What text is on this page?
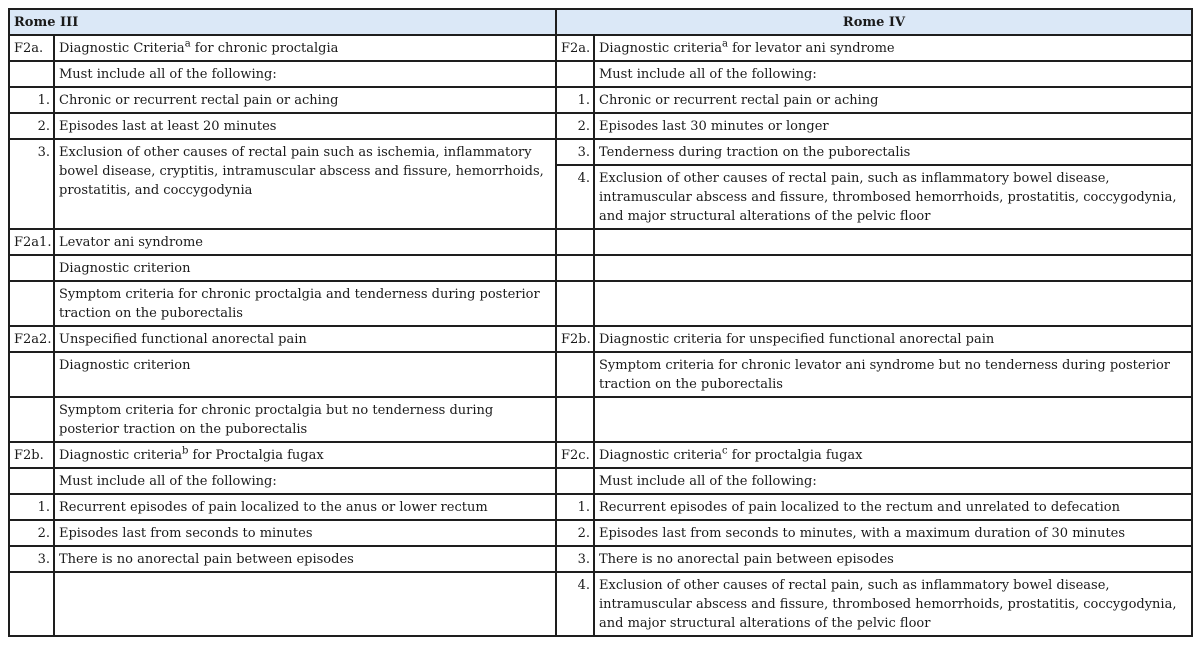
Rome III		Rome IV	
F2a.	Diagnostic Criteria$^a$ for chronic proctalgia	F2a.	Diagnostic criteria$^a$ for levator ani syndrome
	Must include all of the following:		Must include all of the following:
1.	Chronic or recurrent rectal pain or aching	1.	Chronic or recurrent rectal pain or aching
2.	Episodes last at least 20 minutes	2.	Episodes last 30 minutes or longer
3.	Exclusion of other causes of rectal pain such as ischemia, inflammatory bowel disease, cryptitis, intramuscular abscess and fissure, hemorrhoids, prostatitis, and coccygodynia	3.	Tenderness during traction on the puborectalis
		4.	Exclusion of other causes of rectal pain, such as inflammatory bowel disease, intramuscular abscess and fissure, thrombosed hemorrhoids, prostatitis, coccygodynia, and major structural alterations of the pelvic floor
F2a1.	Levator ani syndrome		
	Diagnostic criterion		
	Symptom criteria for chronic proctalgia and tenderness during posterior traction on the puborectalis		
F2a2.	Unspecified functional anorectal pain	F2b.	Diagnostic criteria for unspecified functional anorectal pain
	Diagnostic criterion		Symptom criteria for chronic levator ani syndrome but no tenderness during posterior traction on the puborectalis
	Symptom criteria for chronic proctalgia but no tenderness during posterior traction on the puborectalis		
F2b.	Diagnostic criteria$^b$ for Proctalgia fugax	F2c.	Diagnostic criteria$^c$ for proctalgia fugax
	Must include all of the following:		Must include all of the following:
1.	Recurrent episodes of pain localized to the anus or lower rectum	1.	Recurrent episodes of pain localized to the rectum and unrelated to defecation
2.	Episodes last from seconds to minutes	2.	Episodes last from seconds to minutes, with a maximum duration of 30 minutes
3.	There is no anorectal pain between episodes	3.	There is no anorectal pain between episodes
		4.	Exclusion of other causes of rectal pain, such as inflammatory bowel disease, intramuscular abscess and fissure, thrombosed hemorrhoids, prostatitis, coccygodynia, and major structural alterations of the pelvic floor
